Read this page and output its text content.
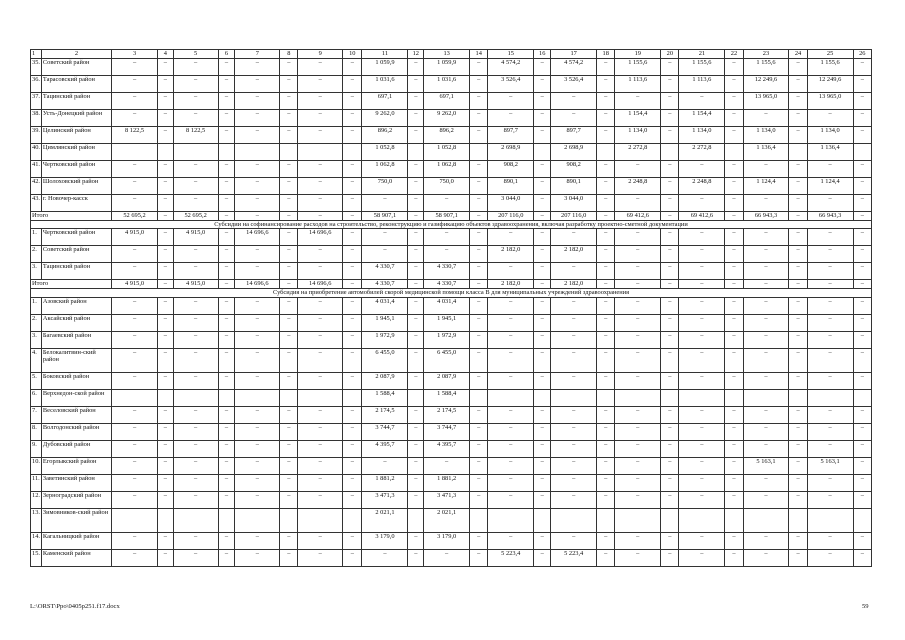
1	2	3	4	5	6	7	8	9	10	11	12	13	14	15	16	17	18	19	20	21	22	23	24	25	26
35.	Советский район	–	–	–	–	–	–	–	–	1 059,9	–	1 059,9	–	4 574,2	–	4 574,2	–	1 155,6	–	1 155,6	–	1 155,6	–	1 155,6	–
36.	Тарасовский район	–	–	–	–	–	–	–	–	1 031,6	–	1 031,6	–	3 526,4	–	3 526,4	–	1 113,6	–	1 113,6	–	12 249,6	–	12 249,6	–
37.	Тацинский район	–	–	–	–	–	–	–	–	697,1	–	697,1	–	–	–	–	–	–	–	–	–	13 965,0	–	13 965,0	–
38.	Усть-Донецкий район	–	–	–	–	–	–	–	–	9 262,0	–	9 262,0	–	–	–	–	–	1 154,4	–	1 154,4	–	–	–	–	–
39.	Целинский район	8 122,5	–	8 122,5	–	–	–	–	–	896,2	–	896,2	–	897,7	–	897,7	–	1 134,0	–	1 134,0	–	1 134,0	–	1 134,0	–
40.	Цимлянский район									1 052,8		1 052,8		2 698,9		2 698,9		2 272,8		2 272,8		1 136,4		1 136,4	
41.	Чертковский район	–	–	–	–	–	–	–	–	1 062,8	–	1 062,8	–	908,2	–	908,2	–	–	–	–	–	–	–	–	–
42.	Шолоховский район	–	–	–	–	–	–	–	–	750,0	–	750,0	–	890,1	–	890,1	–	2 248,8	–	2 248,8	–	1 124,4	–	1 124,4	–
43.	г. Новочер-касск	–	–	–	–	–	–	–	–	–	–	–	–	3 044,0	–	3 044,0	–	–	–	–	–	–	–	–	–
Итого		52 695,2	–	52 695,2	–	–	–	–	–	58 907,1	–	58 907,1	–	207 116,0	–	207 116,0	–	69 412,6	–	69 412,6	–	66 943,3	–	66 943,3	–
Субсидии на софинансирование расходов на строительство, реконструкцию и газификацию объектов здравоохранения, включая разработку проектно-сметной документации																									
1.	Чертковский район	4 915,0	–	4 915,0	–	14 696,6	–	14 696,6	–	–	–	–	–	–	–	–	–	–	–	–	–	–	–	–	–
2.	Советский район	–	–	–	–	–	–	–	–	–	–	–	–	2 182,0	–	2 182,0	–	–	–	–	–	–	–	–	–
3.	Тацинский район	–	–	–	–	–	–	–	–	4 330,7	–	4 330,7	–	–	–	–	–	–	–	–	–	–	–	–	–
Итого		4 915,0	–	4 915,0	–	14 696,6	–	14 696,6	–	4 330,7	–	4 330,7	–	2 182,0	–	2 182,0	–	–	–	–	–	–	–	–	–
Субсидия на приобретение автомобилей скорой медицинской помощи класса В для муниципальных учреждений здравоохранения																									
1.	Азовский район	–	–	–	–	–	–	–	–	4 031,4	–	4 031,4	–	–	–	–	–	–	–	–	–	–	–	–	–
2.	Аксайский район	–	–	–	–	–	–	–	–	1 945,1	–	1 945,1	–	–	–	–	–	–	–	–	–	–	–	–	–
3.	Багаевский район	–	–	–	–	–	–	–	–	1 972,9	–	1 972,9	–	–	–	–	–	–	–	–	–	–	–	–	–
4.	Белокалитвин-ский район	–	–	–	–	–	–	–	–	6 455,0	–	6 455,0	–	–	–	–	–	–	–	–	–	–	–	–	–
5.	Боковский район	–	–	–	–	–	–	–	–	2 087,9	–	2 087,9	–	–	–	–	–	–	–	–	–	–	–	–	–
6.	Верхнедон-ской район									1 588,4		1 588,4													
7.	Веселовский район	–	–	–	–	–	–	–	–	2 174,5	–	2 174,5	–	–	–	–	–	–	–	–	–	–	–	–	–
8.	Волгодонский район	–	–	–	–	–	–	–	–	3 744,7	–	3 744,7	–	–	–	–	–	–	–	–	–	–	–	–	–
9.	Дубовский район	–	–	–	–	–	–	–	–	4 395,7	–	4 395,7	–	–	–	–	–	–	–	–	–	–	–	–	–
10.	Егорлыкский район	–	–	–	–	–	–	–	–	–	–	–	–	–	–	–	–	–	–	–	–	5 163,1	–	5 163,1	–
11.	Заветинский район	–	–	–	–	–	–	–	–	1 881,2	–	1 881,2	–	–	–	–	–	–	–	–	–	–	–	–	–
12.	Зерноградский район	–	–	–	–	–	–	–	–	3 471,3	–	3 471,3	–	–	–	–	–	–	–	–	–	–	–	–	–
13.	Зимовников-ский район									2 021,1		2 021,1													
14.	Кагальницкий район	–	–	–	–	–	–	–	–	3 179,0	–	3 179,0	–	–	–	–	–	–	–	–	–	–	–	–	–
15.	Каменский район	–	–	–	–	–	–	–	–	–	–	–	–	5 223,4	–	5 223,4	–	–	–	–	–	–	–	–	–
L:\ORST\Ppo\0405p251.f17.docx	59
